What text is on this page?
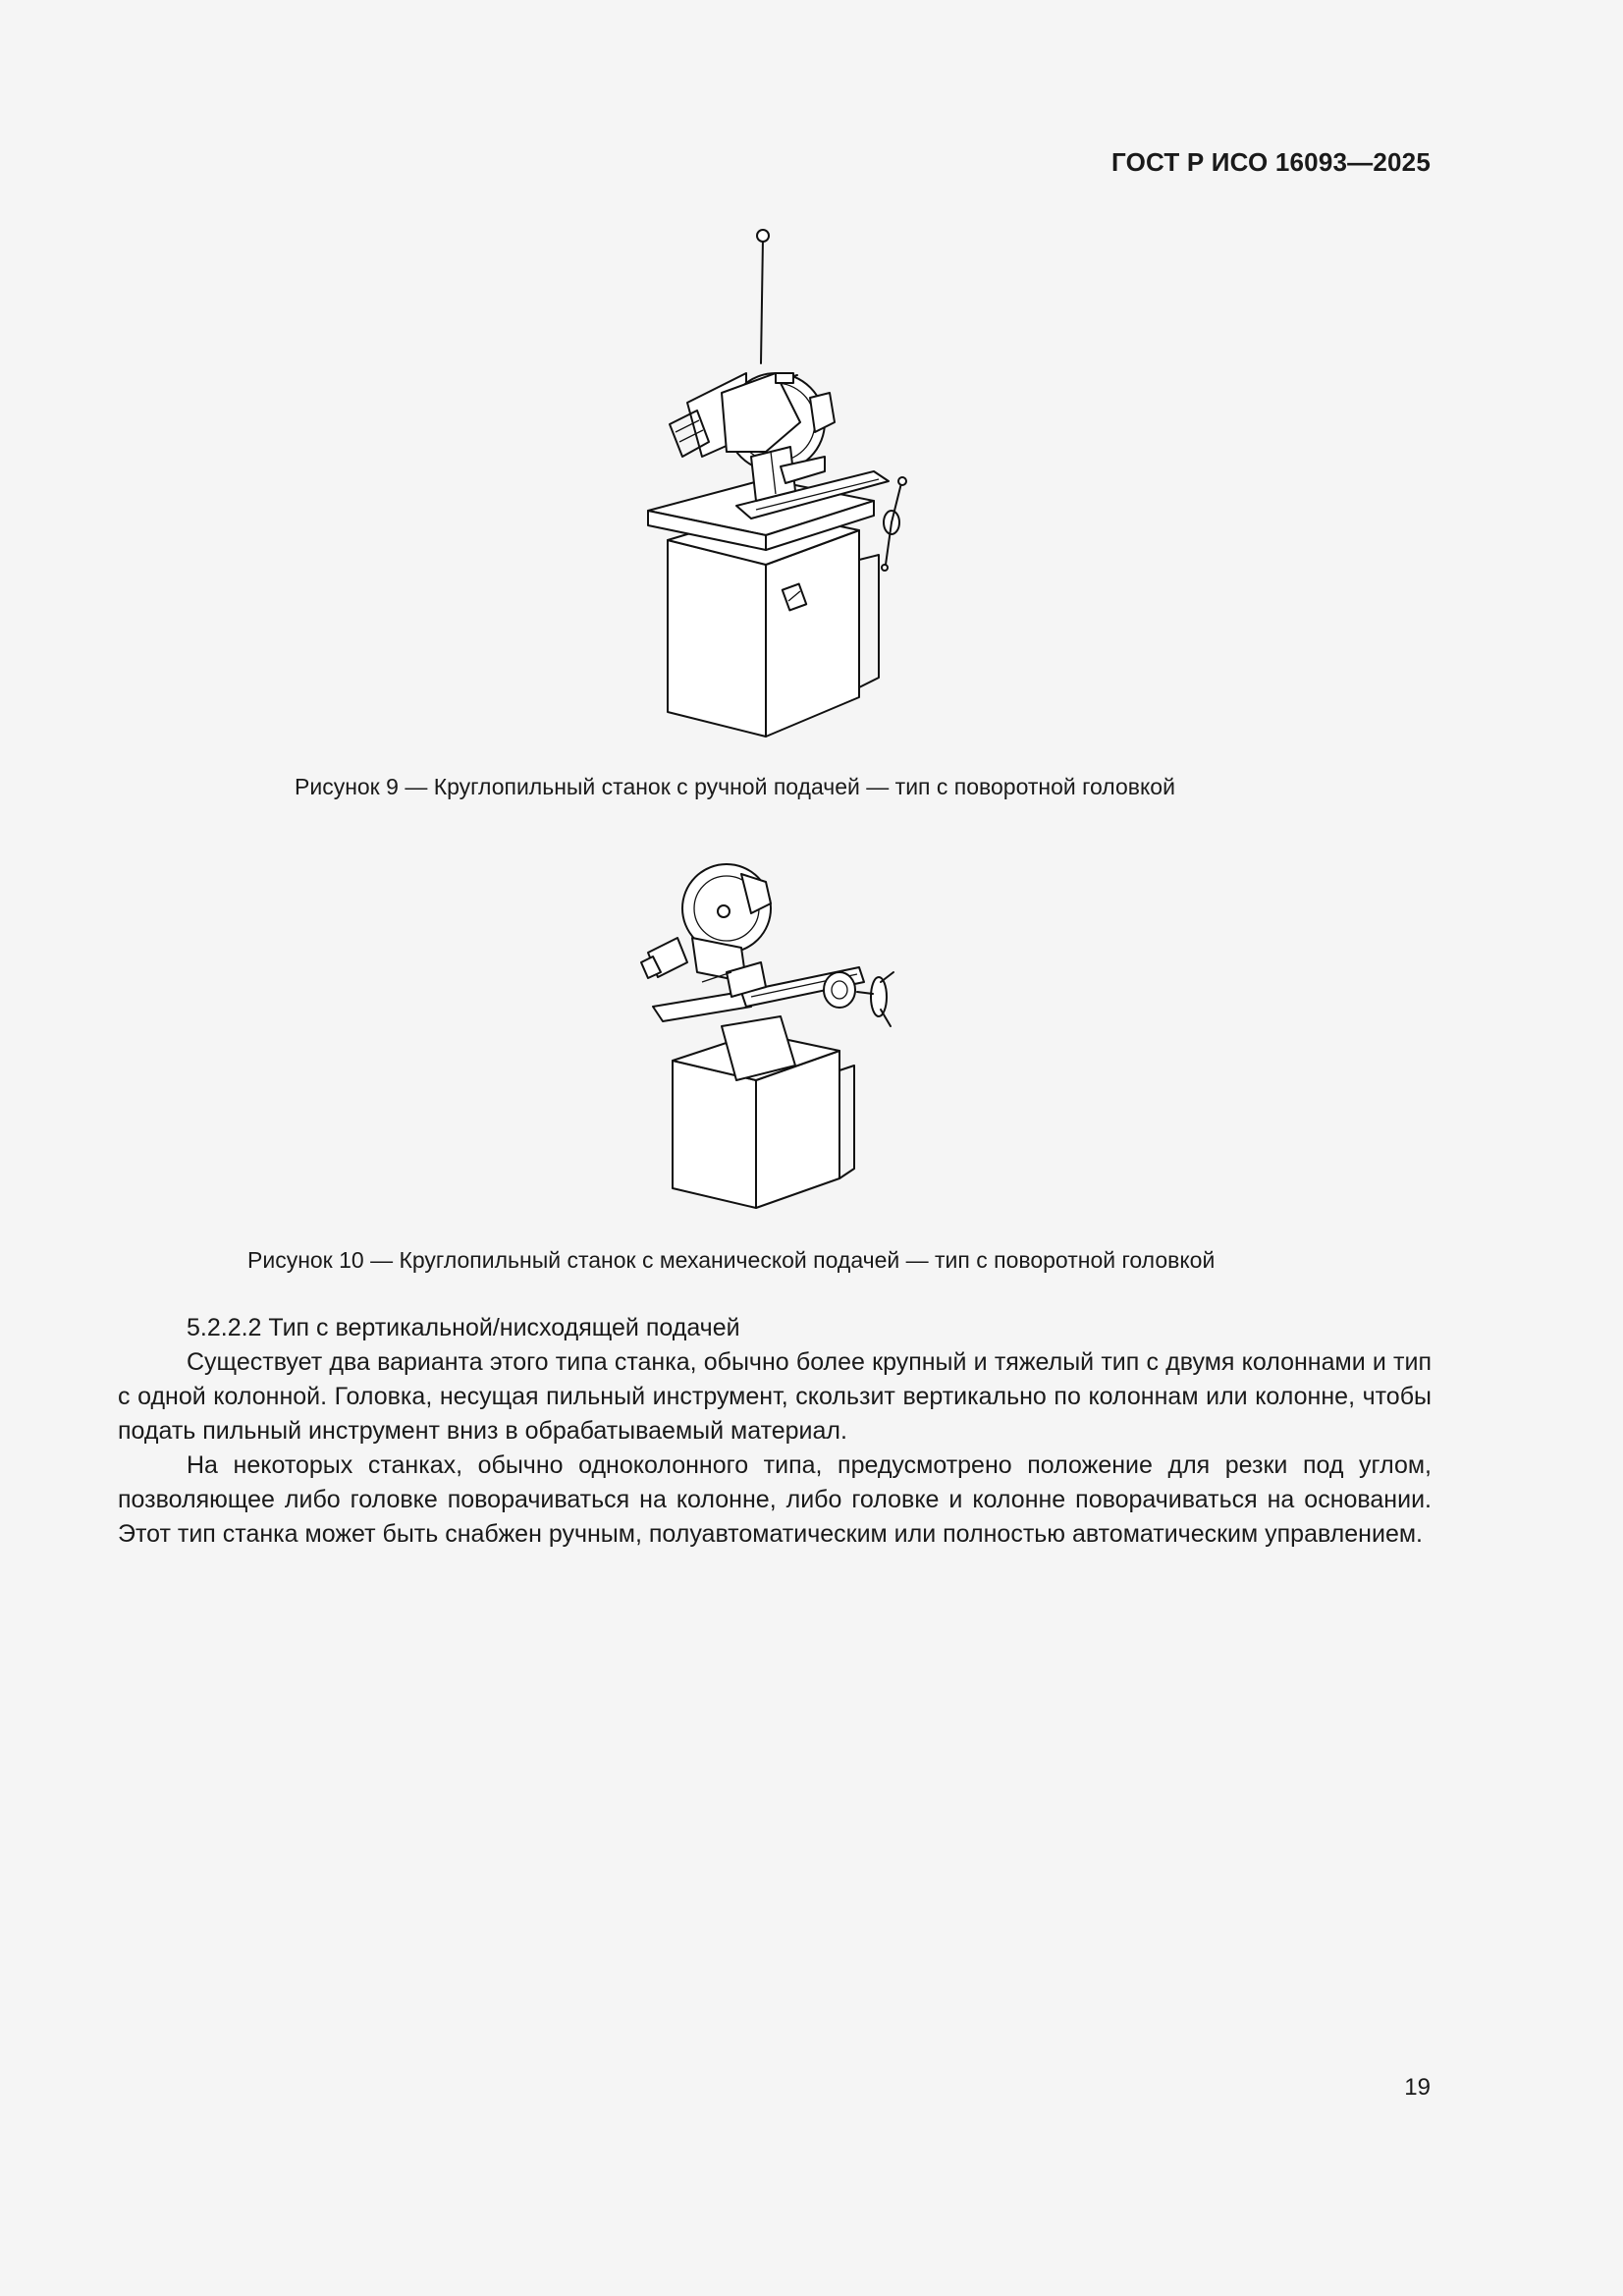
ГОСТ Р ИСО 16093—2025
Рисунок 9 — Круглопильный станок с ручной подачей — тип с поворотной головкой
Рисунок 10 — Круглопильный станок с механической подачей — тип с поворотной головкой

5.2.2.2 Тип с вертикальной/нисходящей подачей

Существует два варианта этого типа станка, обычно более крупный и тяжелый тип с двумя колоннами и тип с одной колонной. Головка, несущая пильный инструмент, скользит вертикально по колоннам или колонне, чтобы подать пильный инструмент вниз в обрабатываемый материал.

На некоторых станках, обычно одноколонного типа, предусмотрено положение для резки под углом, позволяющее либо головке поворачиваться на колонне, либо головке и колонне поворачиваться на основании. Этот тип станка может быть снабжен ручным, полуавтоматическим или полностью автоматическим управлением.

19
